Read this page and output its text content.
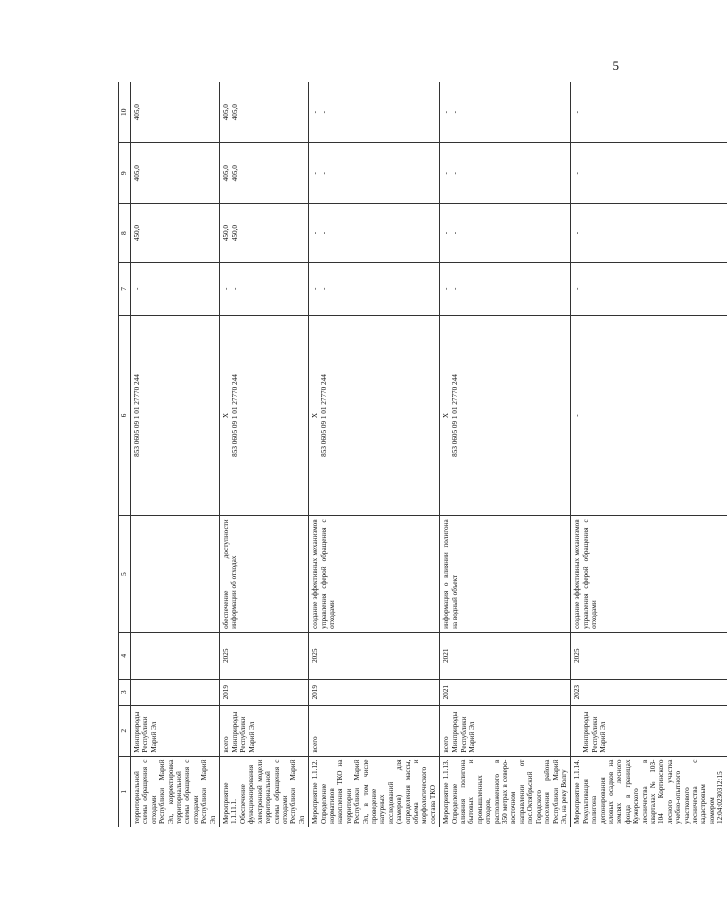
5
1	2	3	4	5	6	7	8	9	10
территориальной схемы обращения с отходами Республики Марий Эл, корректировка территориальной схемы обращения с отходами Республики Марий Эл	Минприроды Республики Марий Эл				853 0605 09 1 01 27770 244	-	450,0	405,0	405,0

Мероприятие 1.1.11.1. Обеспечение функционирования электронной модели территориальной схемы обращения с отходами Республики Марий Эл	всего Минприроды Республики Марий Эл	2019	2025	обеспечение доступности информации об отходах	X 853 0605 09 1 01 27770 244	- -	450,0 450,0	405,0 405,0	405,0 405,0

Мероприятие 1.1.12. Определение нормативов накопления ТКО на территории Республики Марий Эл, в том числе проведение натурных исследований (замеров) для определения массы, объема и морфологического состава ТКО	всего	2019	2025	создание эффективных механизмов управления сферой обращения с отходами	X 853 0605 09 1 01 27770 244	- -	- -	- -	- -

Мероприятие 1.1.13. Определение влияния полигона бытовых и промышленных отходов, расположенного в 350 метрах в северо-восточном направлении от пос.Октябрьский Городского поселения района Республики Марий Эл, на реку Волгу	всего Минприроды Республики Марий Эл	2021	2021	информация о влиянии полигона на водный объект	X 853 0605 09 1 01 27770 244	- -	- -	- -	- -

Мероприятие 1.1.14. Рекультивация полигона депонирования иловых осадков на землях лесного фонда в границах Кужерского лесничества в кварталах № 103-104 Кортинского лесного участка учебно-опытного участкового лесничества с кадастровым номером 12:04:0230312:15	Минприроды Республики Марий Эл	2023	2025	создание эффективных механизмов управления сферой обращения с отходами	-	-	-	-	-
